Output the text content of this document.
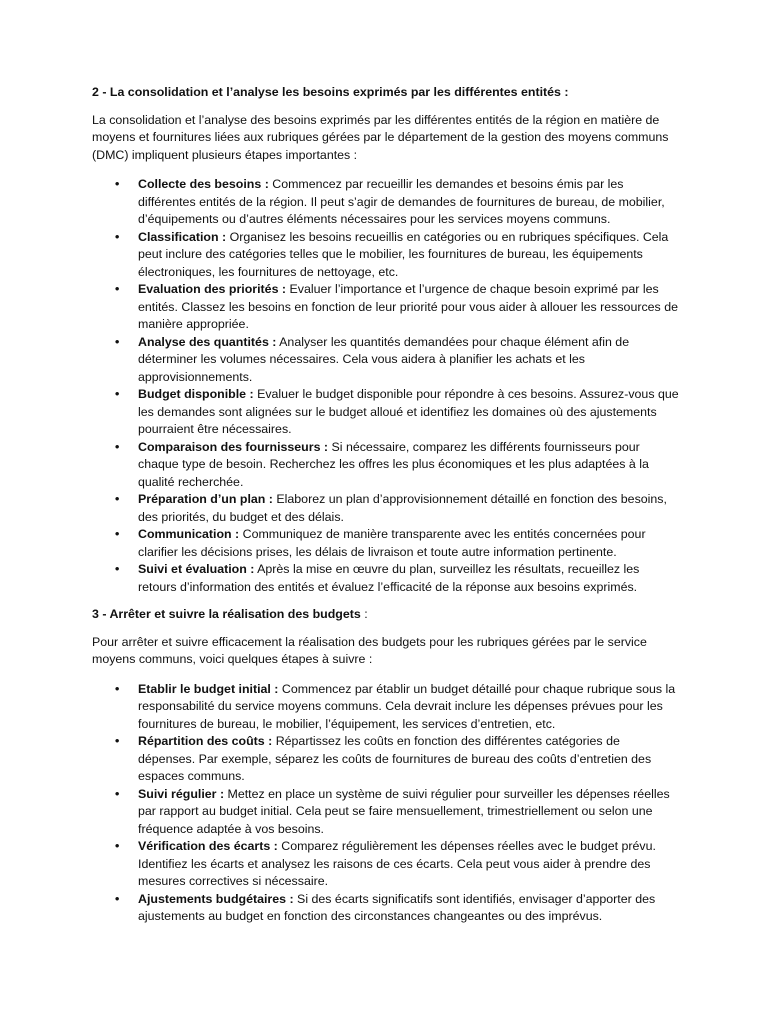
2 - La consolidation et l’analyse les besoins exprimés par les différentes entités :

La consolidation et l’analyse des besoins exprimés par les différentes entités de la région en matière de moyens et fournitures liées aux rubriques gérées par le département de la gestion des moyens communs (DMC) impliquent plusieurs étapes importantes :

• Collecte des besoins : Commencez par recueillir les demandes et besoins émis par les différentes entités de la région. Il peut s’agir de demandes de fournitures de bureau, de mobilier, d’équipements ou d’autres éléments nécessaires pour les services moyens communs.
• Classification : Organisez les besoins recueillis en catégories ou en rubriques spécifiques. Cela peut inclure des catégories telles que le mobilier, les fournitures de bureau, les équipements électroniques, les fournitures de nettoyage, etc.
• Evaluation des priorités : Evaluer l’importance et l’urgence de chaque besoin exprimé par les entités. Classez les besoins en fonction de leur priorité pour vous aider à allouer les ressources de manière appropriée.
• Analyse des quantités : Analyser les quantités demandées pour chaque élément afin de déterminer les volumes nécessaires. Cela vous aidera à planifier les achats et les approvisionnements.
• Budget disponible : Evaluer le budget disponible pour répondre à ces besoins. Assurez-vous que les demandes sont alignées sur le budget alloué et identifiez les domaines où des ajustements pourraient être nécessaires.
• Comparaison des fournisseurs : Si nécessaire, comparez les différents fournisseurs pour chaque type de besoin. Recherchez les offres les plus économiques et les plus adaptées à la qualité recherchée.
• Préparation d’un plan : Elaborez un plan d’approvisionnement détaillé en fonction des besoins, des priorités, du budget et des délais.
• Communication : Communiquez de manière transparente avec les entités concernées pour clarifier les décisions prises, les délais de livraison et toute autre information pertinente.
• Suivi et évaluation : Après la mise en œuvre du plan, surveillez les résultats, recueillez les retours d’information des entités et évaluez l’efficacité de la réponse aux besoins exprimés.

3 - Arrêter et suivre la réalisation des budgets :

Pour arrêter et suivre efficacement la réalisation des budgets pour les rubriques gérées par le service moyens communs, voici quelques étapes à suivre :

• Etablir le budget initial : Commencez par établir un budget détaillé pour chaque rubrique sous la responsabilité du service moyens communs. Cela devrait inclure les dépenses prévues pour les fournitures de bureau, le mobilier, l’équipement, les services d’entretien, etc.
• Répartition des coûts : Répartissez les coûts en fonction des différentes catégories de dépenses. Par exemple, séparez les coûts de fournitures de bureau des coûts d’entretien des espaces communs.
• Suivi régulier : Mettez en place un système de suivi régulier pour surveiller les dépenses réelles par rapport au budget initial. Cela peut se faire mensuellement, trimestriellement ou selon une fréquence adaptée à vos besoins.
• Vérification des écarts : Comparez régulièrement les dépenses réelles avec le budget prévu. Identifiez les écarts et analysez les raisons de ces écarts. Cela peut vous aider à prendre des mesures correctives si nécessaire.
• Ajustements budgétaires : Si des écarts significatifs sont identifiés, envisager d’apporter des ajustements au budget en fonction des circonstances changeantes ou des imprévus.
